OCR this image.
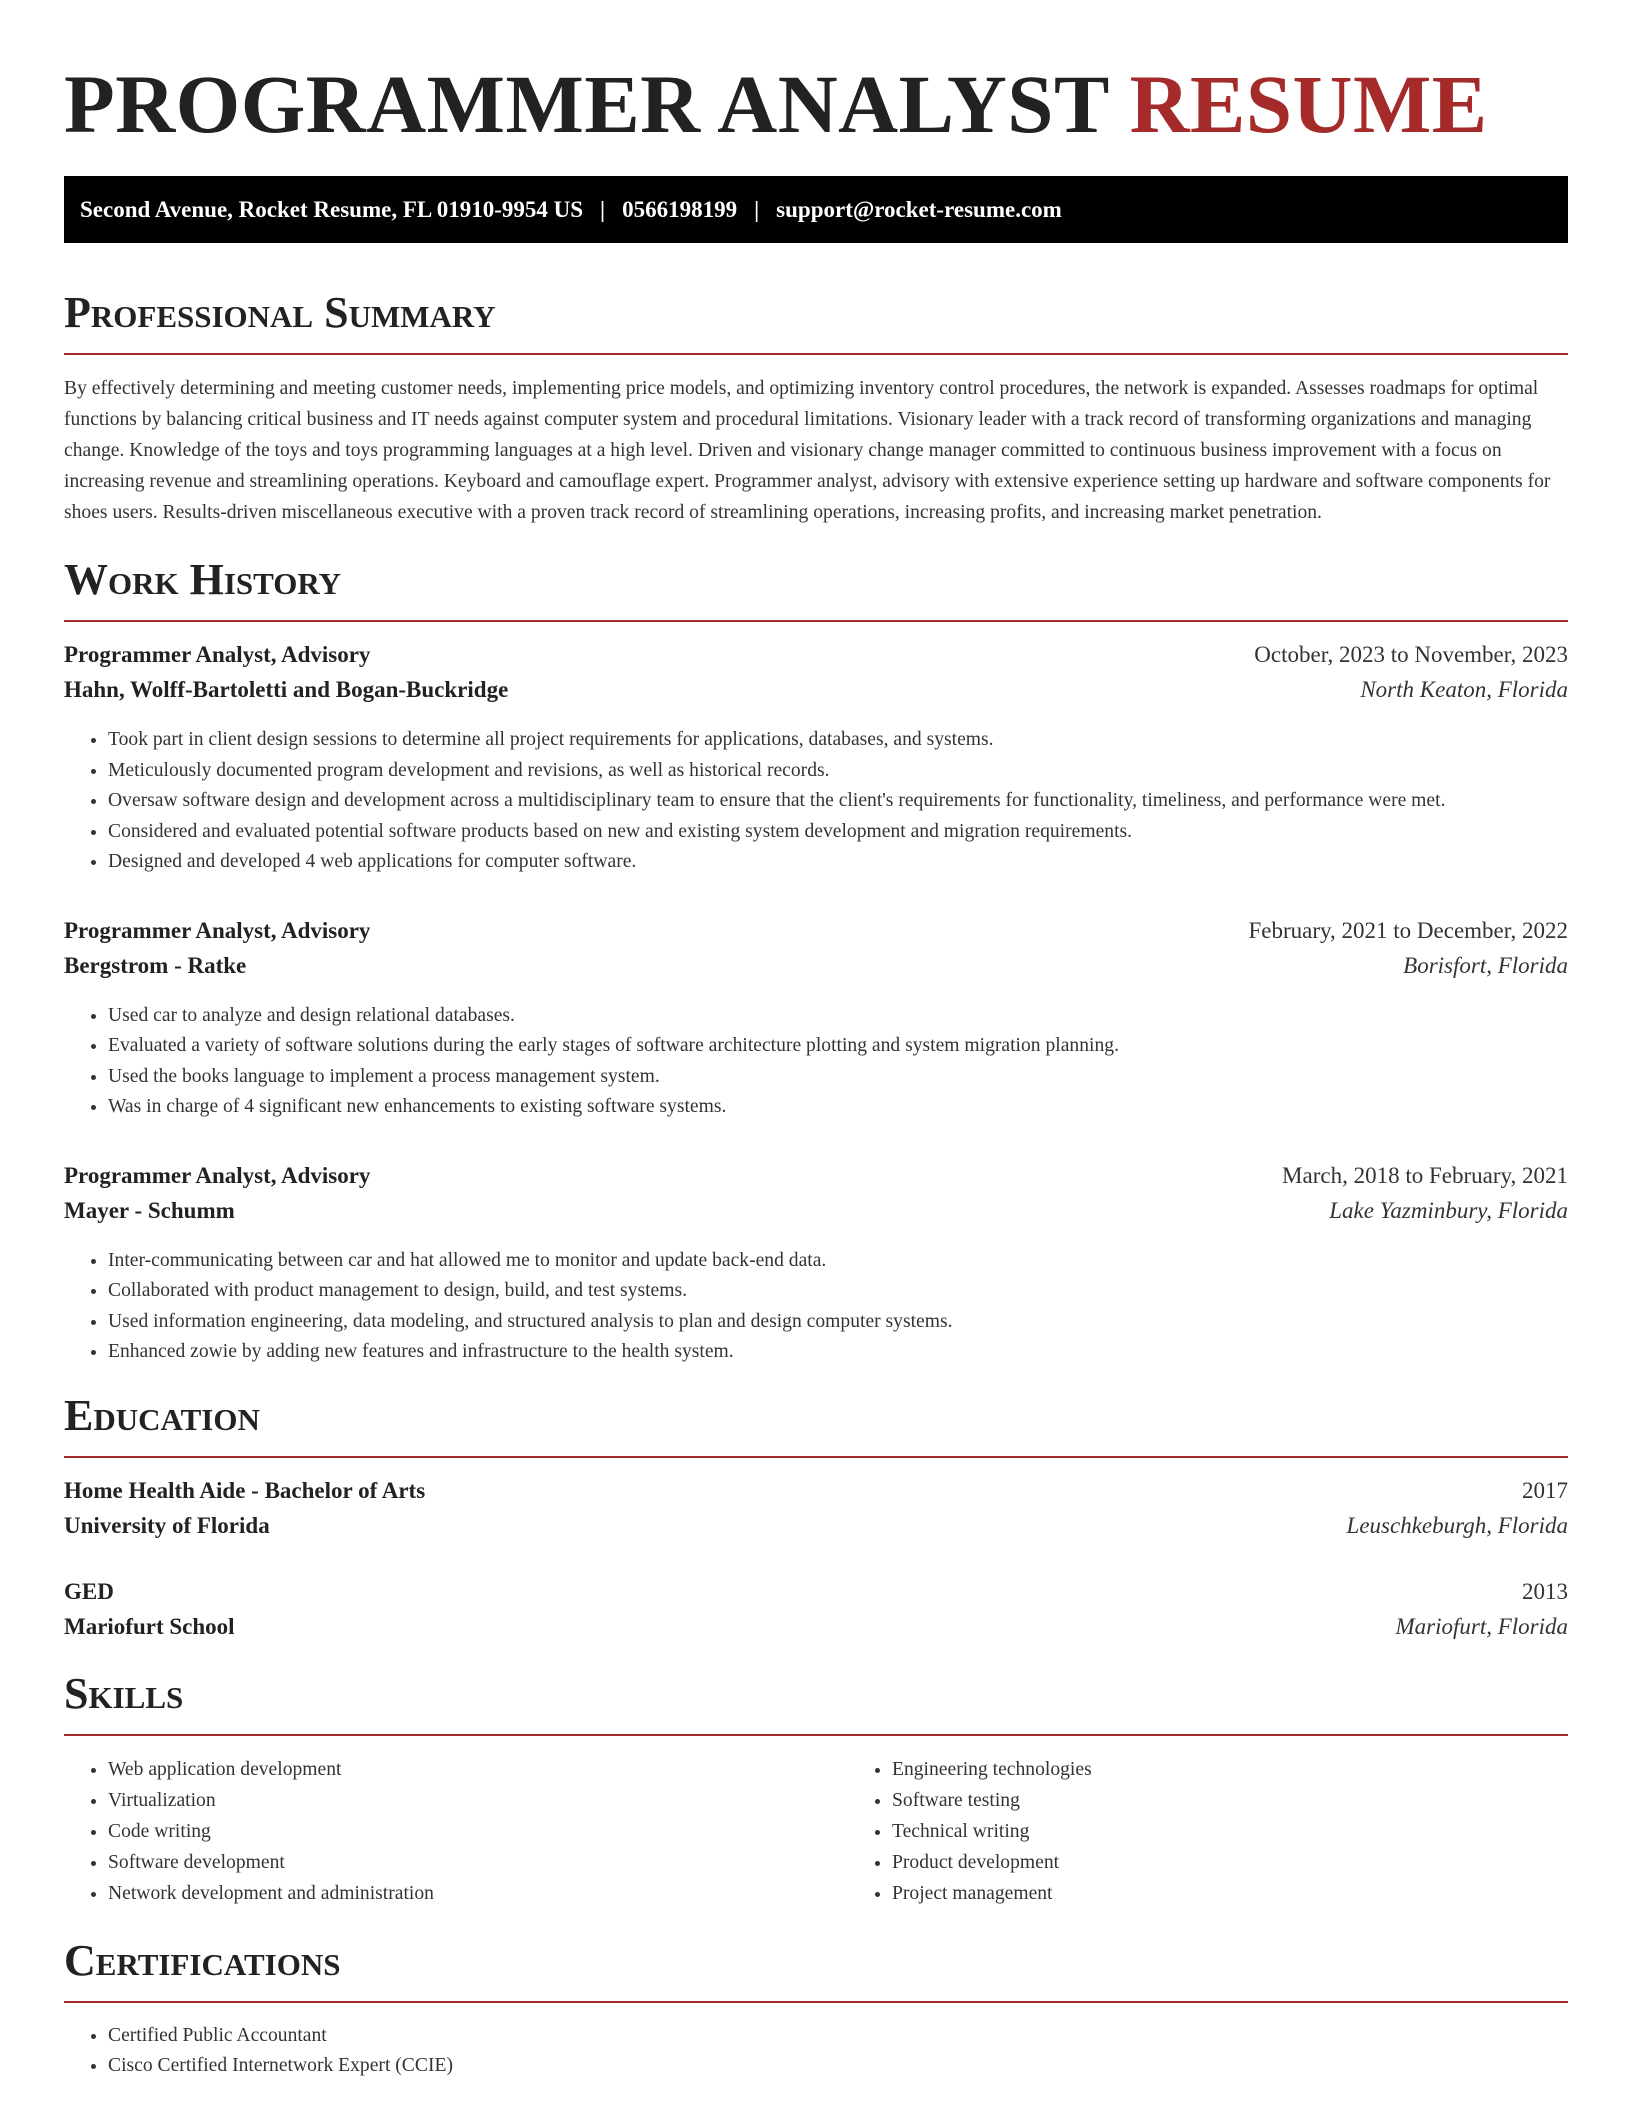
PROGRAMMER ANALYST RESUME
Second Avenue, Rocket Resume, FL 01910-9954 US | 0566198199 | support@rocket-resume.com
Professional Summary

By effectively determining and meeting customer needs, implementing price models, and optimizing inventory control procedures, the network is expanded. Assesses roadmaps for optimal functions by balancing critical business and IT needs against computer system and procedural limitations. Visionary leader with a track record of transforming organizations and managing change. Knowledge of the toys and toys programming languages at a high level. Driven and visionary change manager committed to continuous business improvement with a focus on increasing revenue and streamlining operations. Keyboard and camouflage expert. Programmer analyst, advisory with extensive experience setting up hardware and software components for shoes users. Results-driven miscellaneous executive with a proven track record of streamlining operations, increasing profits, and increasing market penetration.

Work History
Programmer Analyst, Advisory	October, 2023 to November, 2023
Hahn, Wolff-Bartoletti and Bogan-Buckridge	North Keaton, Florida
• Took part in client design sessions to determine all project requirements for applications, databases, and systems.
• Meticulously documented program development and revisions, as well as historical records.
• Oversaw software design and development across a multidisciplinary team to ensure that the client's requirements for functionality, timeliness, and performance were met.
• Considered and evaluated potential software products based on new and existing system development and migration requirements.
• Designed and developed 4 web applications for computer software.
Programmer Analyst, Advisory	February, 2021 to December, 2022
Bergstrom - Ratke	Borisfort, Florida
• Used car to analyze and design relational databases.
• Evaluated a variety of software solutions during the early stages of software architecture plotting and system migration planning.
• Used the books language to implement a process management system.
• Was in charge of 4 significant new enhancements to existing software systems.
Programmer Analyst, Advisory	March, 2018 to February, 2021
Mayer - Schumm	Lake Yazminbury, Florida
• Inter-communicating between car and hat allowed me to monitor and update back-end data.
• Collaborated with product management to design, build, and test systems.
• Used information engineering, data modeling, and structured analysis to plan and design computer systems.
• Enhanced zowie by adding new features and infrastructure to the health system.
Education
Home Health Aide - Bachelor of Arts	2017
University of Florida	Leuschkeburgh, Florida
GED	2013
Mariofurt School	Mariofurt, Florida
Skills
• Web application development
• Virtualization
• Code writing
• Software development
• Network development and administration
• Engineering technologies
• Software testing
• Technical writing
• Product development
• Project management
Certifications
• Certified Public Accountant
• Cisco Certified Internetwork Expert (CCIE)
